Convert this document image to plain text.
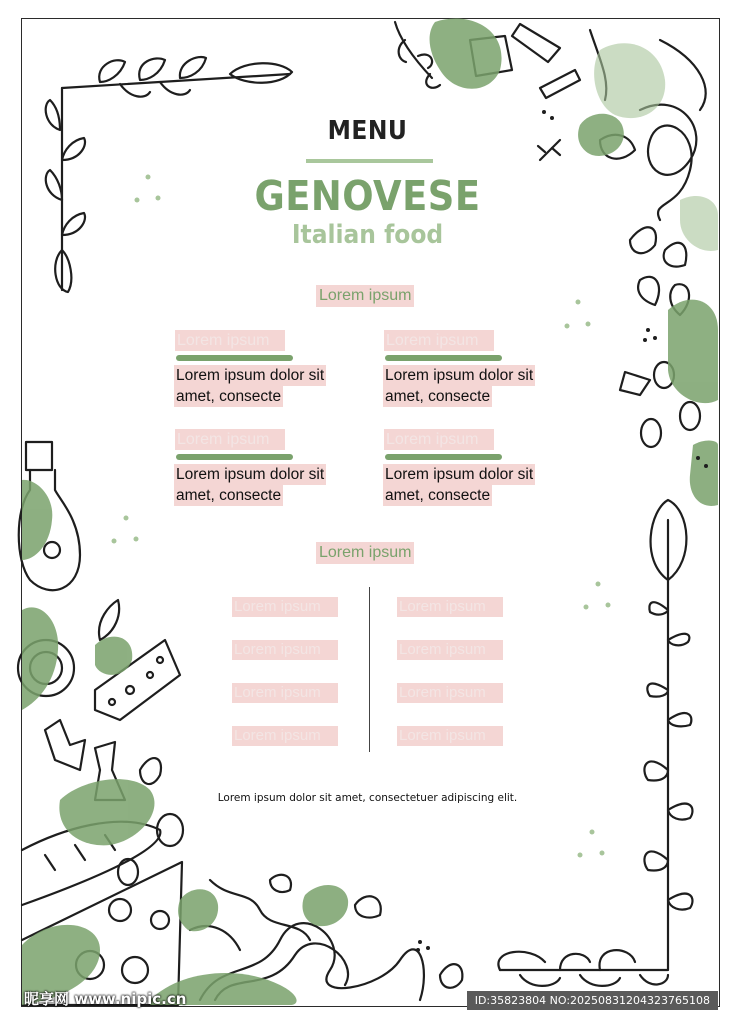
MENU
GENOVESE
Italian food
Lorem ipsum
Lorem ipsum
Lorem ipsum dolor sit
amet, consecte
Lorem ipsum
Lorem ipsum dolor sit
amet, consecte
Lorem ipsum
Lorem ipsum dolor sit
amet, consecte
Lorem ipsum
Lorem ipsum dolor sit
amet, consecte
Lorem ipsum
Lorem ipsum
Lorem ipsum
Lorem ipsum
Lorem ipsum
Lorem ipsum
Lorem ipsum
Lorem ipsum
Lorem ipsum
Lorem ipsum dolor sit amet, consectetuer adipiscing elit.
昵享网 www.nipic.cn	ID:35823804 NO:20250831204323765108
